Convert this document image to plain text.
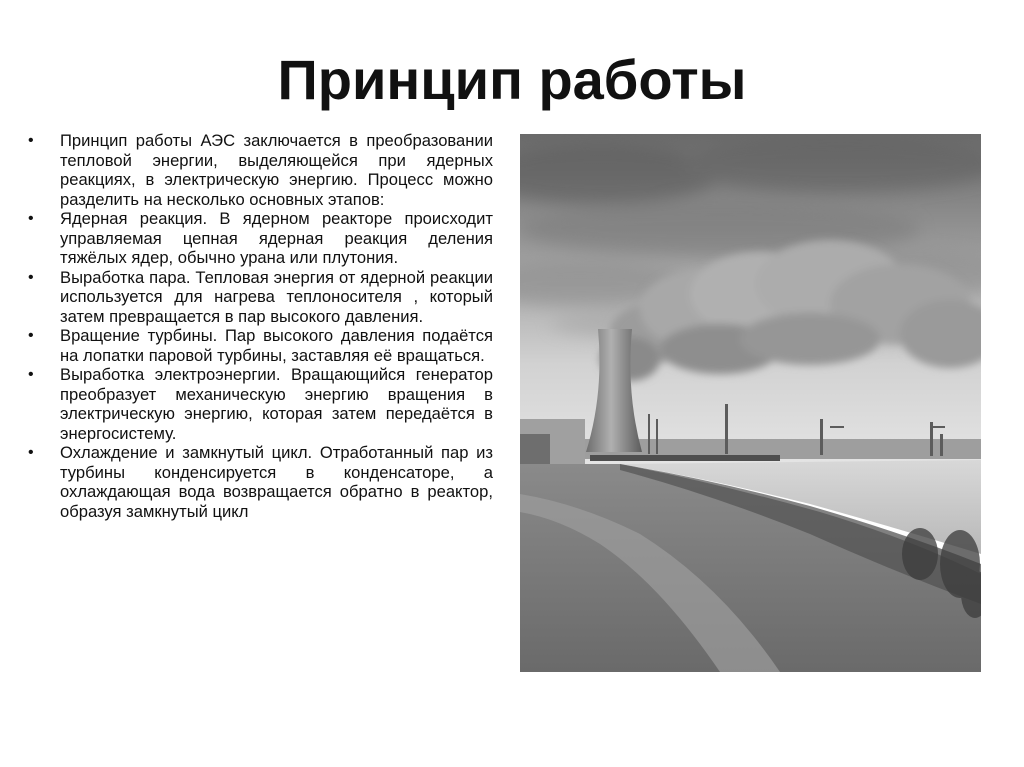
Принцип работы
•	Принцип работы АЭС заключается в преобразовании тепловой энергии, выделяющейся при ядерных реакциях, в электрическую энергию. Процесс можно разделить на несколько основных этапов:
•	Ядерная реакция. В ядерном реакторе происходит управляемая цепная ядерная реакция деления тяжёлых ядер, обычно урана или плутония.
•	Выработка пара. Тепловая энергия от ядерной реакции используется для нагрева теплоносителя , который затем превращается в пар высокого давления.
•	Вращение турбины. Пар высокого давления подаётся на лопатки паровой турбины, заставляя её вращаться.
•	Выработка электроэнергии. Вращающийся генератор преобразует механическую энергию вращения в электрическую энергию, которая затем передаётся в энергосистему.
•	Охлаждение и замкнутый цикл. Отработанный пар из турбины конденсируется в конденсаторе, а охлаждающая вода возвращается обратно в реактор, образуя замкнутый цикл
